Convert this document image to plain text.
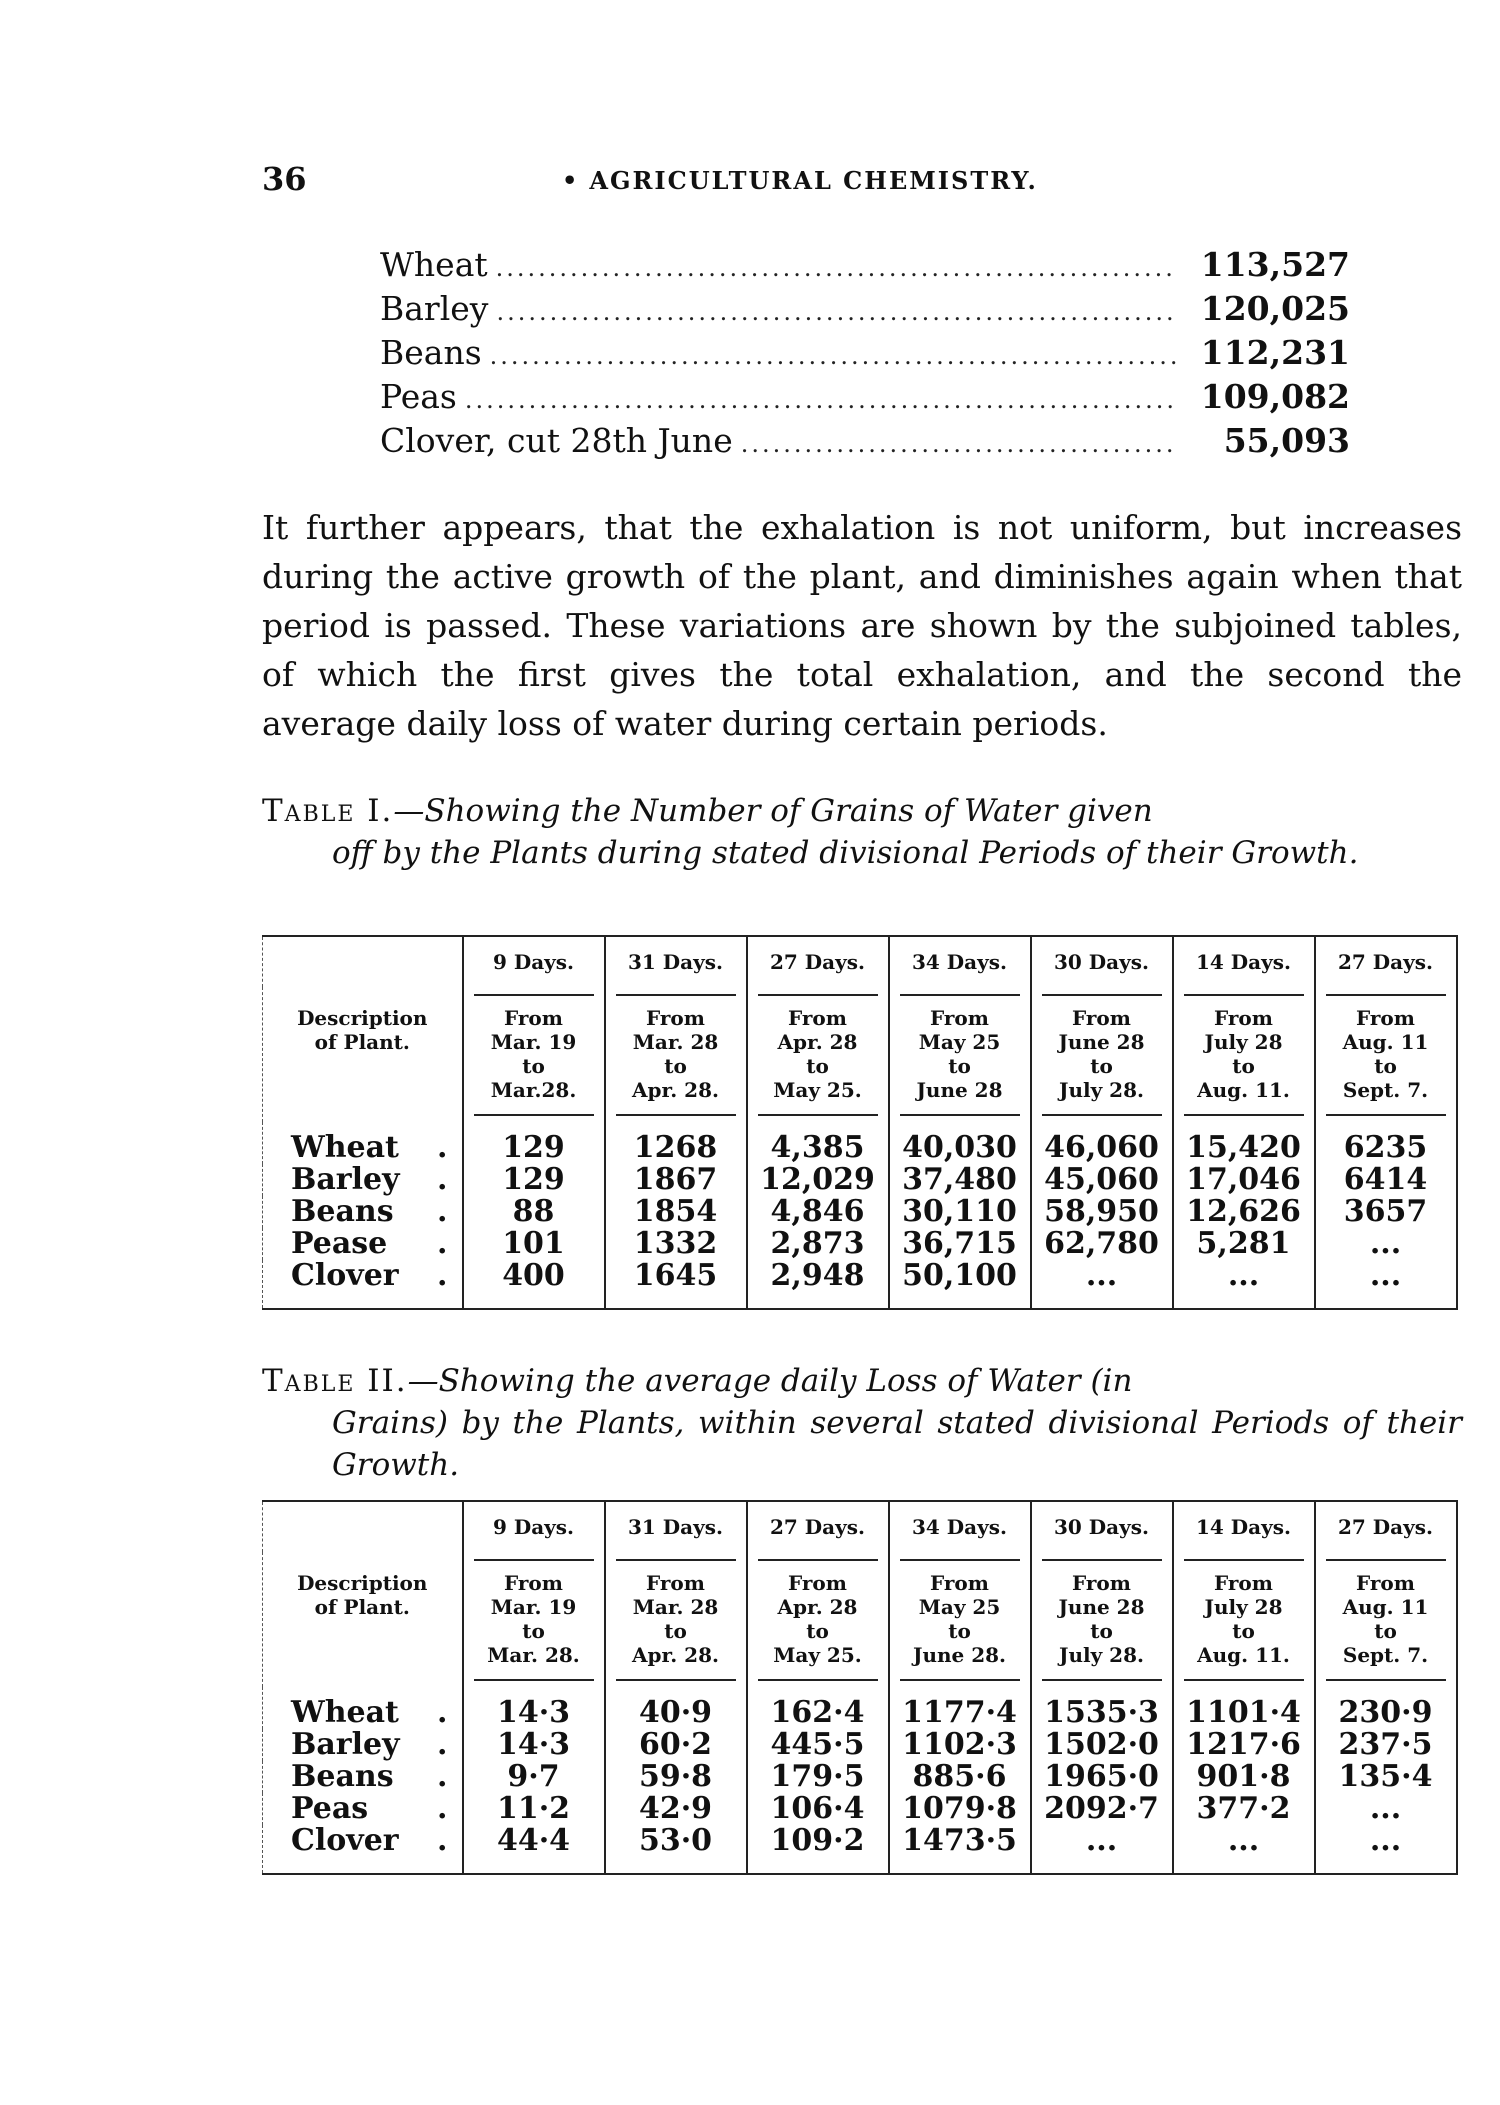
36	• AGRICULTURAL CHEMISTRY.
Wheat .....	113,527
Barley .....	120,025
Beans .....	112,231
Peas .....	109,082
Clover, cut 28th June .....	55,093

It further appears, that the exhalation is not uniform, but increases during the active growth of the plant, and diminishes again when that period is passed. These variations are shown by the subjoined tables, of which the first gives the total exhalation, and the second the average daily loss of water during certain periods.

Table I.—Showing the Number of Grains of Water given
off by the Plants during stated divisional Periods of their Growth.
Description
of Plant.	9 Days.	31 Days.	27 Days.	34 Days.	30 Days.	14 Days.	27 Days.

	From
Mar. 19
to
Mar.28.	From
Mar. 28
to
Apr. 28.	From
Apr. 28
to
May 25.	From
May 25
to
June 28	From
June 28
to
July 28.	From
July 28
to
Aug. 11.	From
Aug. 11
to
Sept. 7.

Wheat .	129	1268	4,385	40,030	46,060	15,420	6235
Barley .	129	1867	12,029	37,480	45,060	17,046	6414
Beans .	88	1854	4,846	30,110	58,950	12,626	3657
Pease .	101	1332	2,873	36,715	62,780	5,281	...
Clover .	400	1645	2,948	50,100	...	...	...
Table II.—Showing the average daily Loss of Water (in
Grains) by the Plants, within several stated divisional Periods of their Growth.
Description
of Plant.	9 Days.	31 Days.	27 Days.	34 Days.	30 Days.	14 Days.	27 Days.

	From
Mar. 19
to
Mar. 28.	From
Mar. 28
to
Apr. 28.	From
Apr. 28
to
May 25.	From
May 25
to
June 28.	From
June 28
to
July 28.	From
July 28
to
Aug. 11.	From
Aug. 11
to
Sept. 7.

Wheat .	14·3	40·9	162·4	1177·4	1535·3	1101·4	230·9
Barley .	14·3	60·2	445·5	1102·3	1502·0	1217·6	237·5
Beans .	9·7	59·8	179·5	885·6	1965·0	901·8	135·4
Peas .	11·2	42·9	106·4	1079·8	2092·7	377·2	...
Clover .	44·4	53·0	109·2	1473·5	...	...	...
